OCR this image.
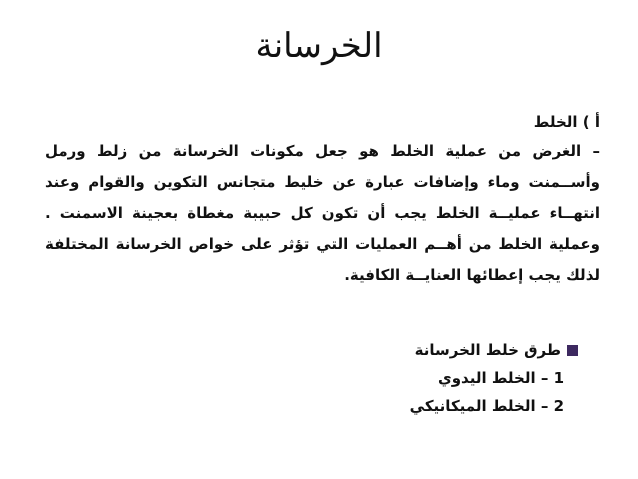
الخرسانة
أ ) الخلط

– الغرض من عملية الخلط هو جعل مكونات الخرسانة من زلط ورمل وأســمنت وماء وإضافات عبارة عن خليط متجانس التكوين والقوام وعند انتهــاء عمليــة الخلط يجب أن تكون كل حبيبة مغطاة بعجينة الاسمنت . وعملية الخلط من أهــم العمليات التي تؤثر على خواص الخرسانة المختلفة لذلك يجب إعطائها العنايــة الكافية.

طرق خلط الخرسانة
1 – الخلط اليدوي
2 – الخلط الميكانيكي
